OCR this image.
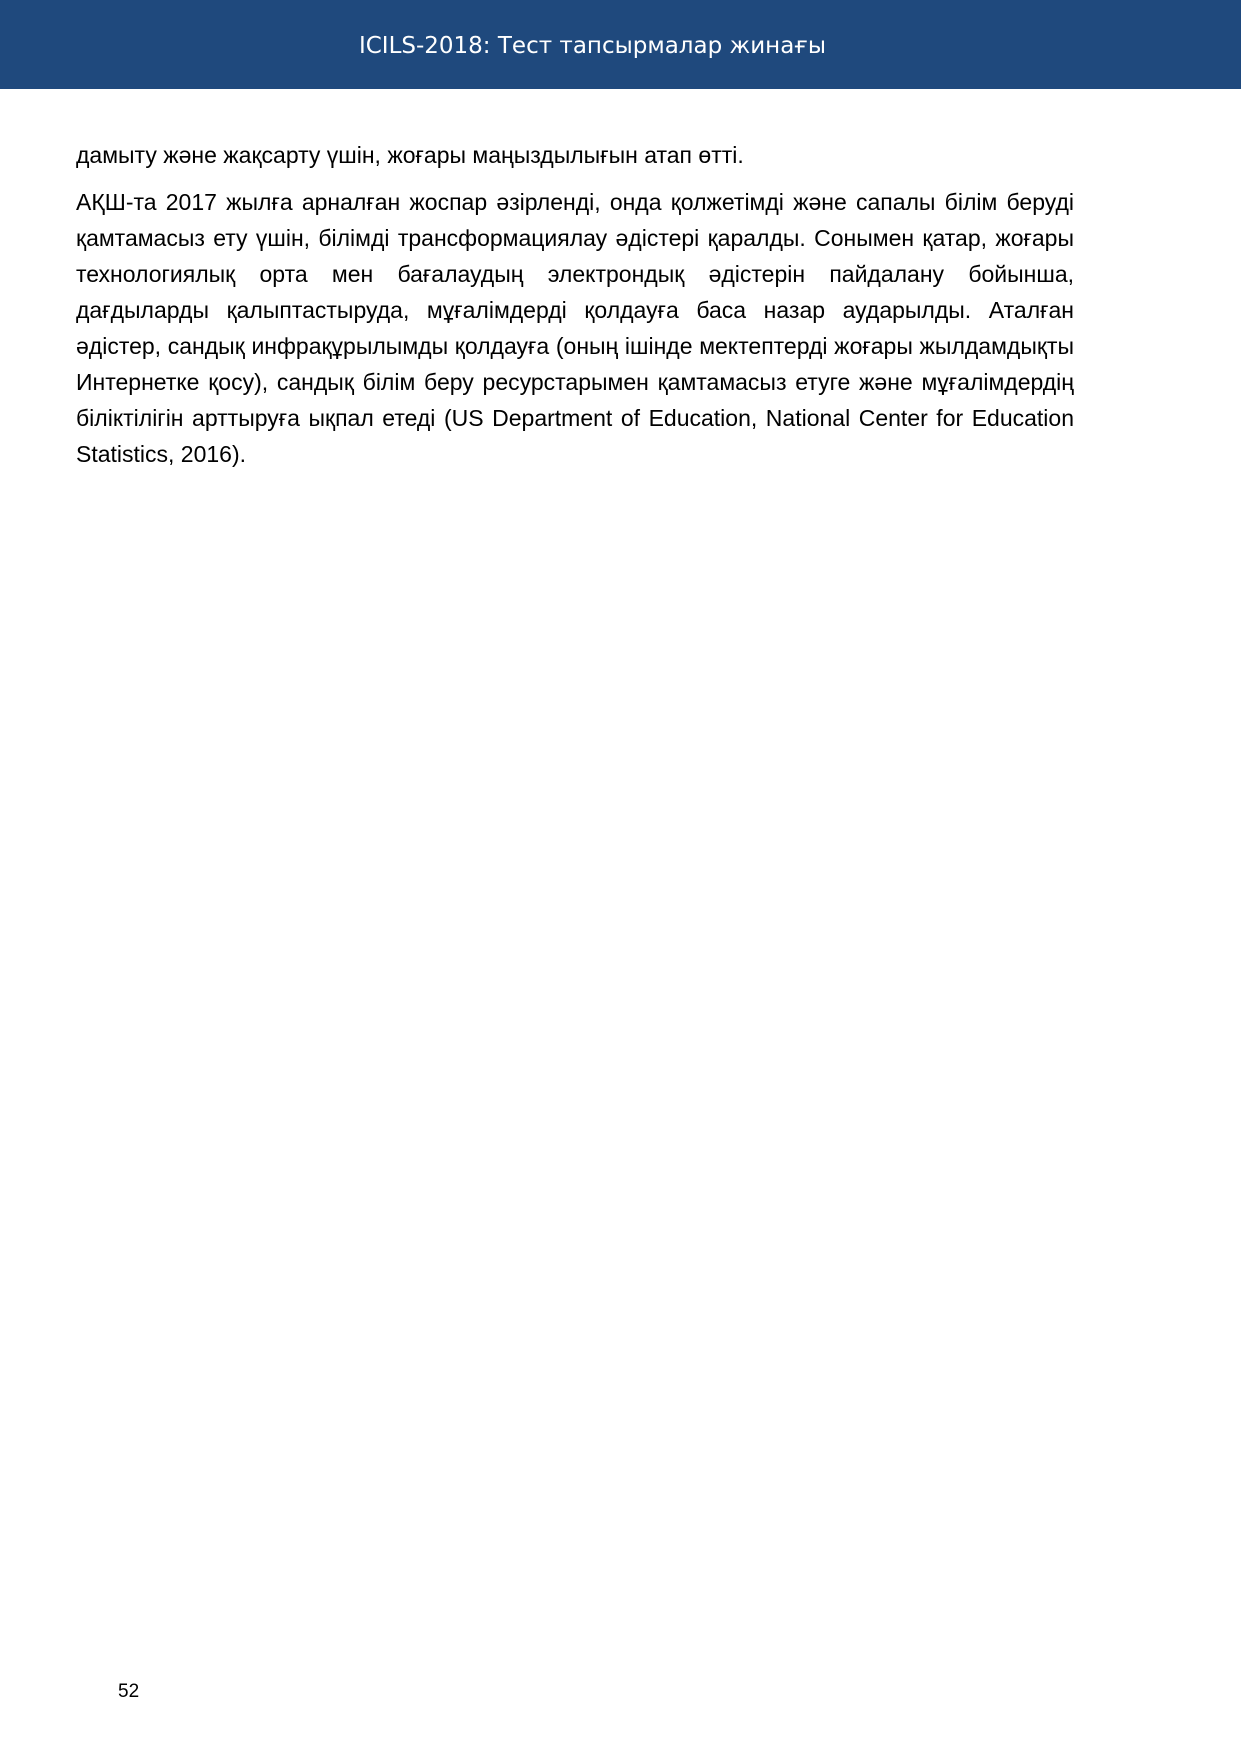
ICILS-2018: Тест тапсырмалар жинағы

дамыту және жақсарту үшін, жоғары маңыздылығын атап өтті.

АҚШ-та 2017 жылға арналған жоспар әзірленді, онда қолжетімді және сапалы білім беруді қамтамасыз ету үшін, білімді трансформациялау әдістері қаралды. Сонымен қатар, жоғары технологиялық орта мен бағалаудың электрондық әдістерін пайдалану бойынша, дағдыларды қалыптастыруда, мұғалімдерді қолдауға баса назар аударылды. Аталған әдістер, сандық инфрақұрылымды қолдауға (оның ішінде мектептерді жоғары жылдамдықты Интернетке қосу), сандық білім беру ресурстарымен қамтамасыз етуге және мұғалімдердің біліктілігін арттыруға ықпал етеді (US Department of Education, National Center for Education Statistics, 2016).

52
